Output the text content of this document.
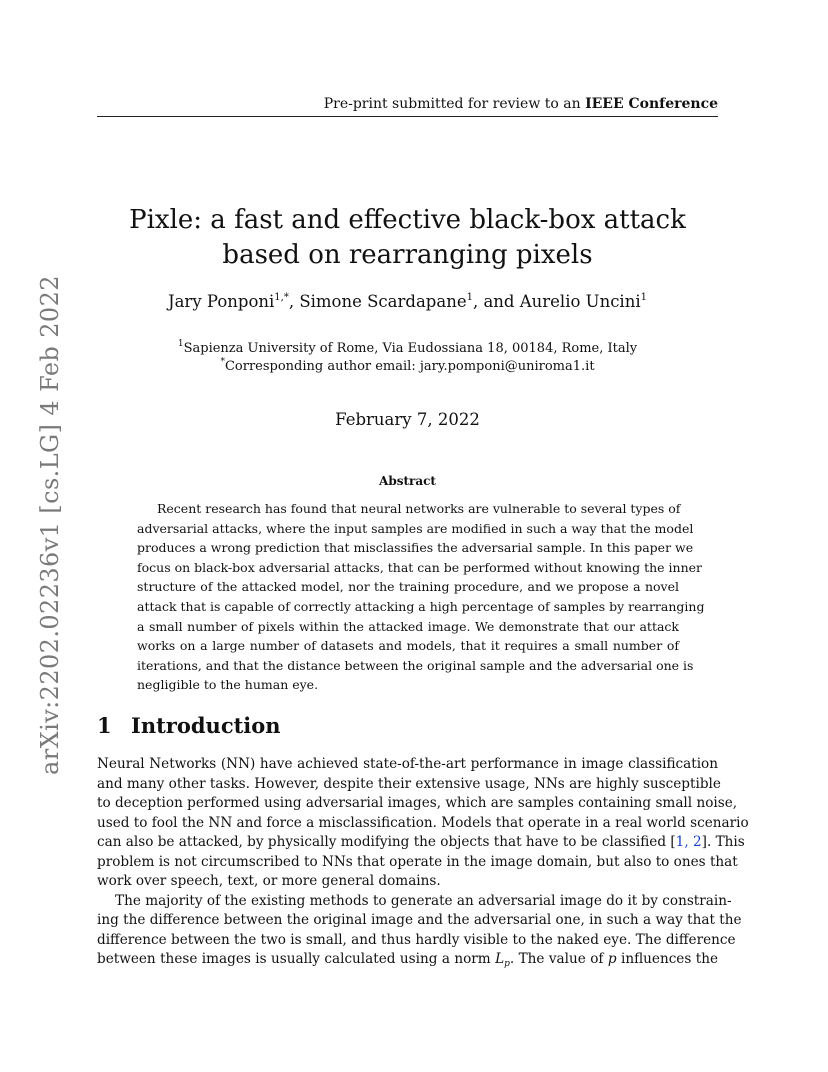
Pre-print submitted for review to an IEEE Conference
arXiv:2202.02236v1 [cs.LG] 4 Feb 2022
Pixle: a fast and effective black-box attack
based on rearranging pixels
Jary Ponponi$^{1,*}$, Simone Scardapane$^1$, and Aurelio Uncini$^1$
$^1$Sapienza University of Rome, Via Eudossiana 18, 00184, Rome, Italy
*Corresponding author email: jary.pomponi@uniroma1.it
February 7, 2022
Abstract
Recent research has found that neural networks are vulnerable to several types of
adversarial attacks, where the input samples are modified in such a way that the model
produces a wrong prediction that misclassifies the adversarial sample. In this paper we
focus on black-box adversarial attacks, that can be performed without knowing the inner
structure of the attacked model, nor the training procedure, and we propose a novel
attack that is capable of correctly attacking a high percentage of samples by rearranging
a small number of pixels within the attacked image. We demonstrate that our attack
works on a large number of datasets and models, that it requires a small number of
iterations, and that the distance between the original sample and the adversarial one is
negligible to the human eye.
1 Introduction
Neural Networks (NN) have achieved state-of-the-art performance in image classification
and many other tasks. However, despite their extensive usage, NNs are highly susceptible
to deception performed using adversarial images, which are samples containing small noise,
used to fool the NN and force a misclassification. Models that operate in a real world scenario
can also be attacked, by physically modifying the objects that have to be classified [1, 2]. This
problem is not circumscribed to NNs that operate in the image domain, but also to ones that
work over speech, text, or more general domains.
The majority of the existing methods to generate an adversarial image do it by constrain-
ing the difference between the original image and the adversarial one, in such a way that the
difference between the two is small, and thus hardly visible to the naked eye. The difference
between these images is usually calculated using a norm $L_p$. The value of p influences the
